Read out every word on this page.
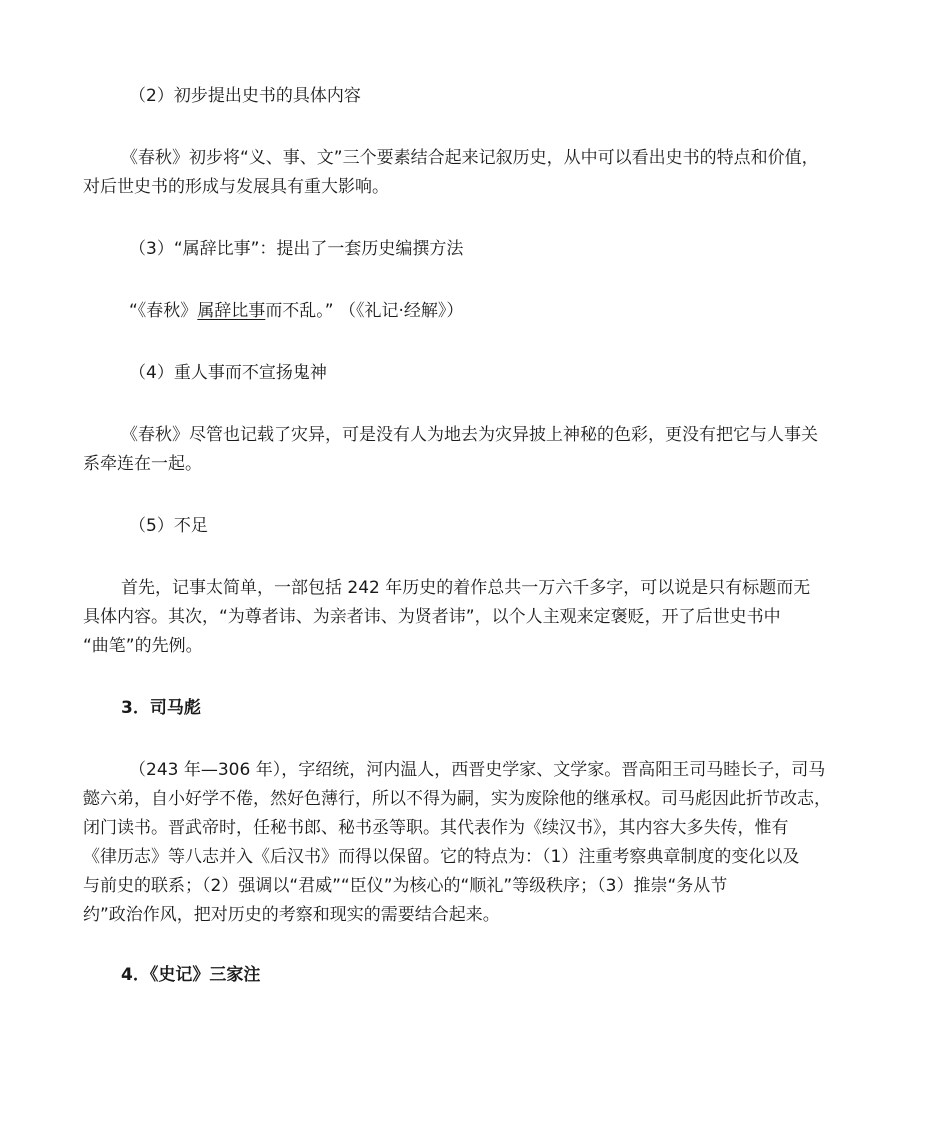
（2）初步提出史书的具体内容

《春秋》初步将“义、事、文”三个要素结合起来记叙历史，从中可以看出史书的特点和价值，

对后世史书的形成与发展具有重大影响。

（3）“属辞比事”：提出了一套历史编撰方法

“《春秋》属辞比事而不乱。” （《礼记·经解》）

（4）重人事而不宣扬鬼神

《春秋》尽管也记载了灾异，可是没有人为地去为灾异披上神秘的色彩，更没有把它与人事关

系牵连在一起。

（5）不足

首先，记事太简单，一部包括 242 年历史的着作总共一万六千多字，可以说是只有标题而无

具体内容。其次，“为尊者讳、为亲者讳、为贤者讳”，以个人主观来定褒贬，开了后世史书中

“曲笔”的先例。

3．司马彪

（243 年—306 年），字绍统，河内温人，西晋史学家、文学家。晋高阳王司马睦长子，司马

懿六弟，自小好学不倦，然好色薄行，所以不得为嗣，实为废除他的继承权。司马彪因此折节改志，

闭门读书。晋武帝时，任秘书郎、秘书丞等职。其代表作为《续汉书》，其内容大多失传，惟有

《律历志》等八志并入《后汉书》而得以保留。它的特点为：（1）注重考察典章制度的变化以及

与前史的联系；（2）强调以“君威”“臣仪”为核心的“顺礼”等级秩序；（3）推崇“务从节

约”政治作风，把对历史的考察和现实的需要结合起来。

4．《史记》三家注
